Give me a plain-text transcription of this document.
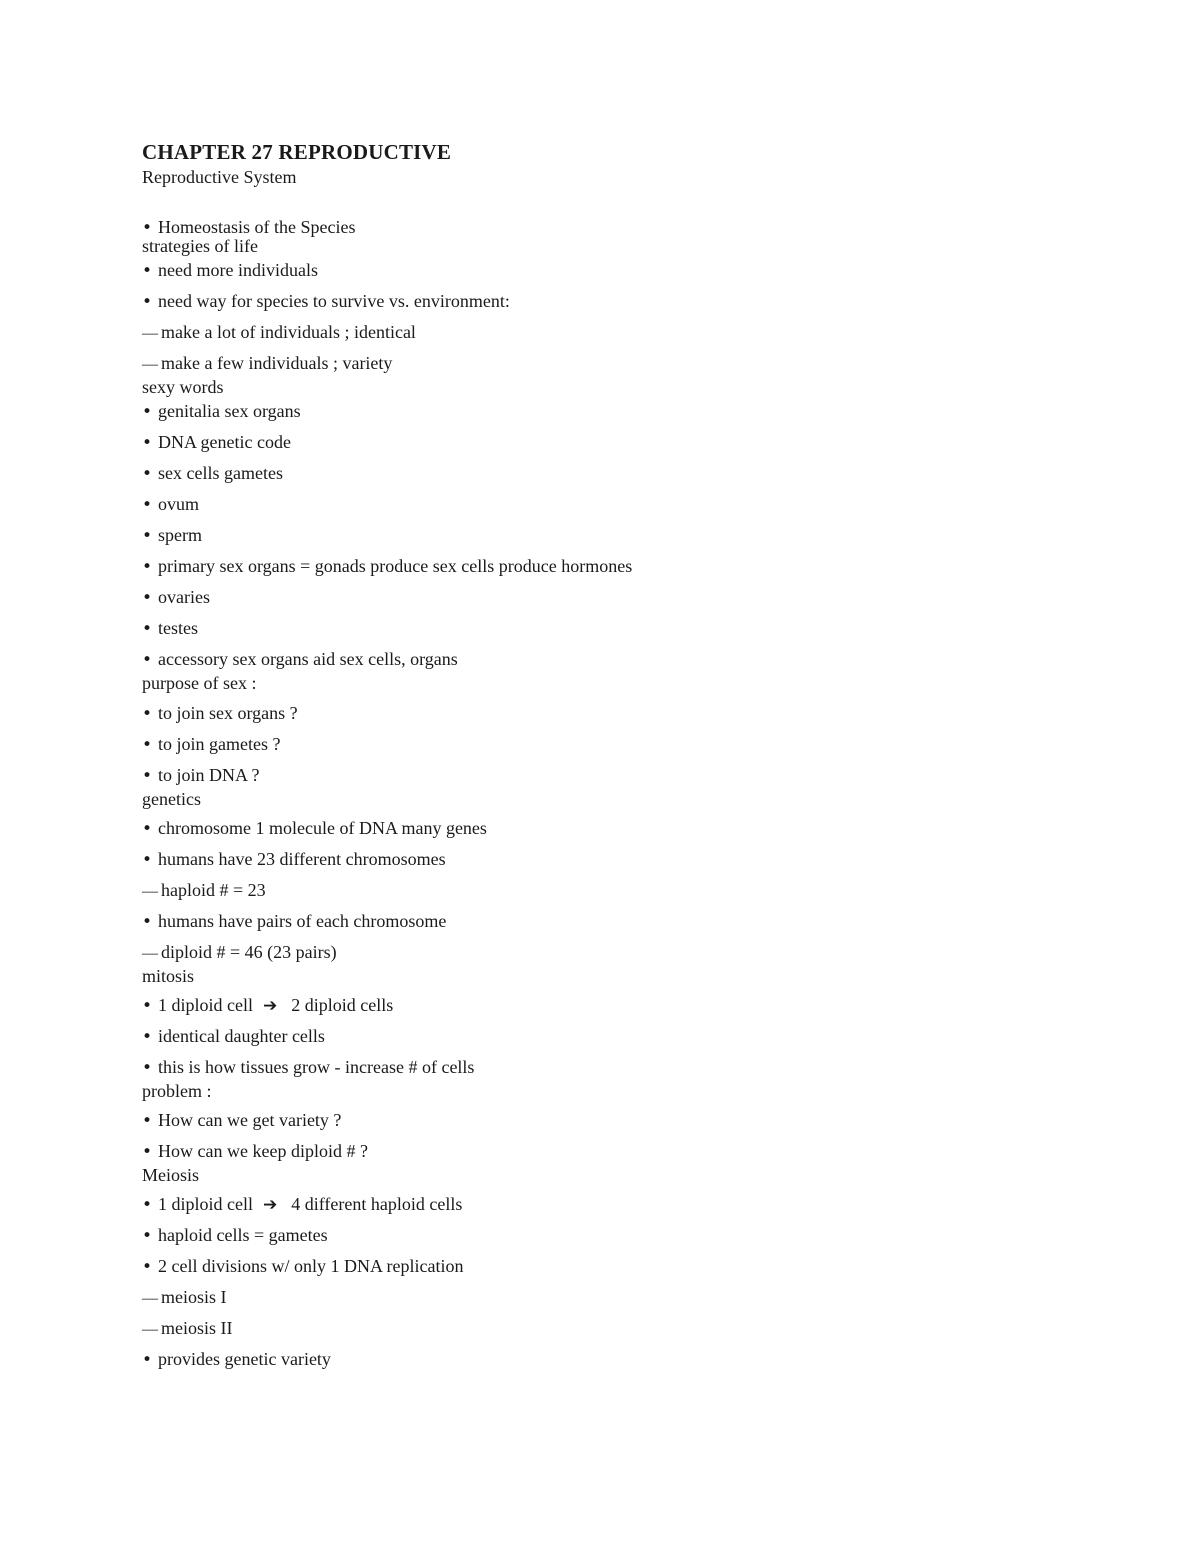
CHAPTER 27 REPRODUCTIVE
Reproductive System
•
Homeostasis of the Species
strategies of life
•
need more individuals
•
need way for species to survive vs. environment:
—
make a lot of individuals ; identical
—
make a few individuals ; variety
sexy words
•
genitalia sex organs
•
DNA genetic code
•
sex cells gametes
•
ovum
•
sperm
•
primary sex organs = gonads produce sex cells produce hormones
•
ovaries
•
testes
•
accessory sex organs aid sex cells, organs
purpose of sex :
•
to join sex organs ?
•
to join gametes ?
•
to join DNA ?
genetics
•
chromosome 1 molecule of DNA many genes
•
humans have 23 different chromosomes
—
haploid # = 23
•
humans have pairs of each chromosome
—
diploid # = 46 (23 pairs)
mitosis
•
1 diploid cell ➔ 2 diploid cells
•
identical daughter cells
•
this is how tissues grow - increase # of cells
problem :
•
How can we get variety ?
•
How can we keep diploid # ?
Meiosis
•
1 diploid cell ➔ 4 different haploid cells
•
haploid cells = gametes
•
2 cell divisions w/ only 1 DNA replication
—
meiosis I
—
meiosis II
•
provides genetic variety
